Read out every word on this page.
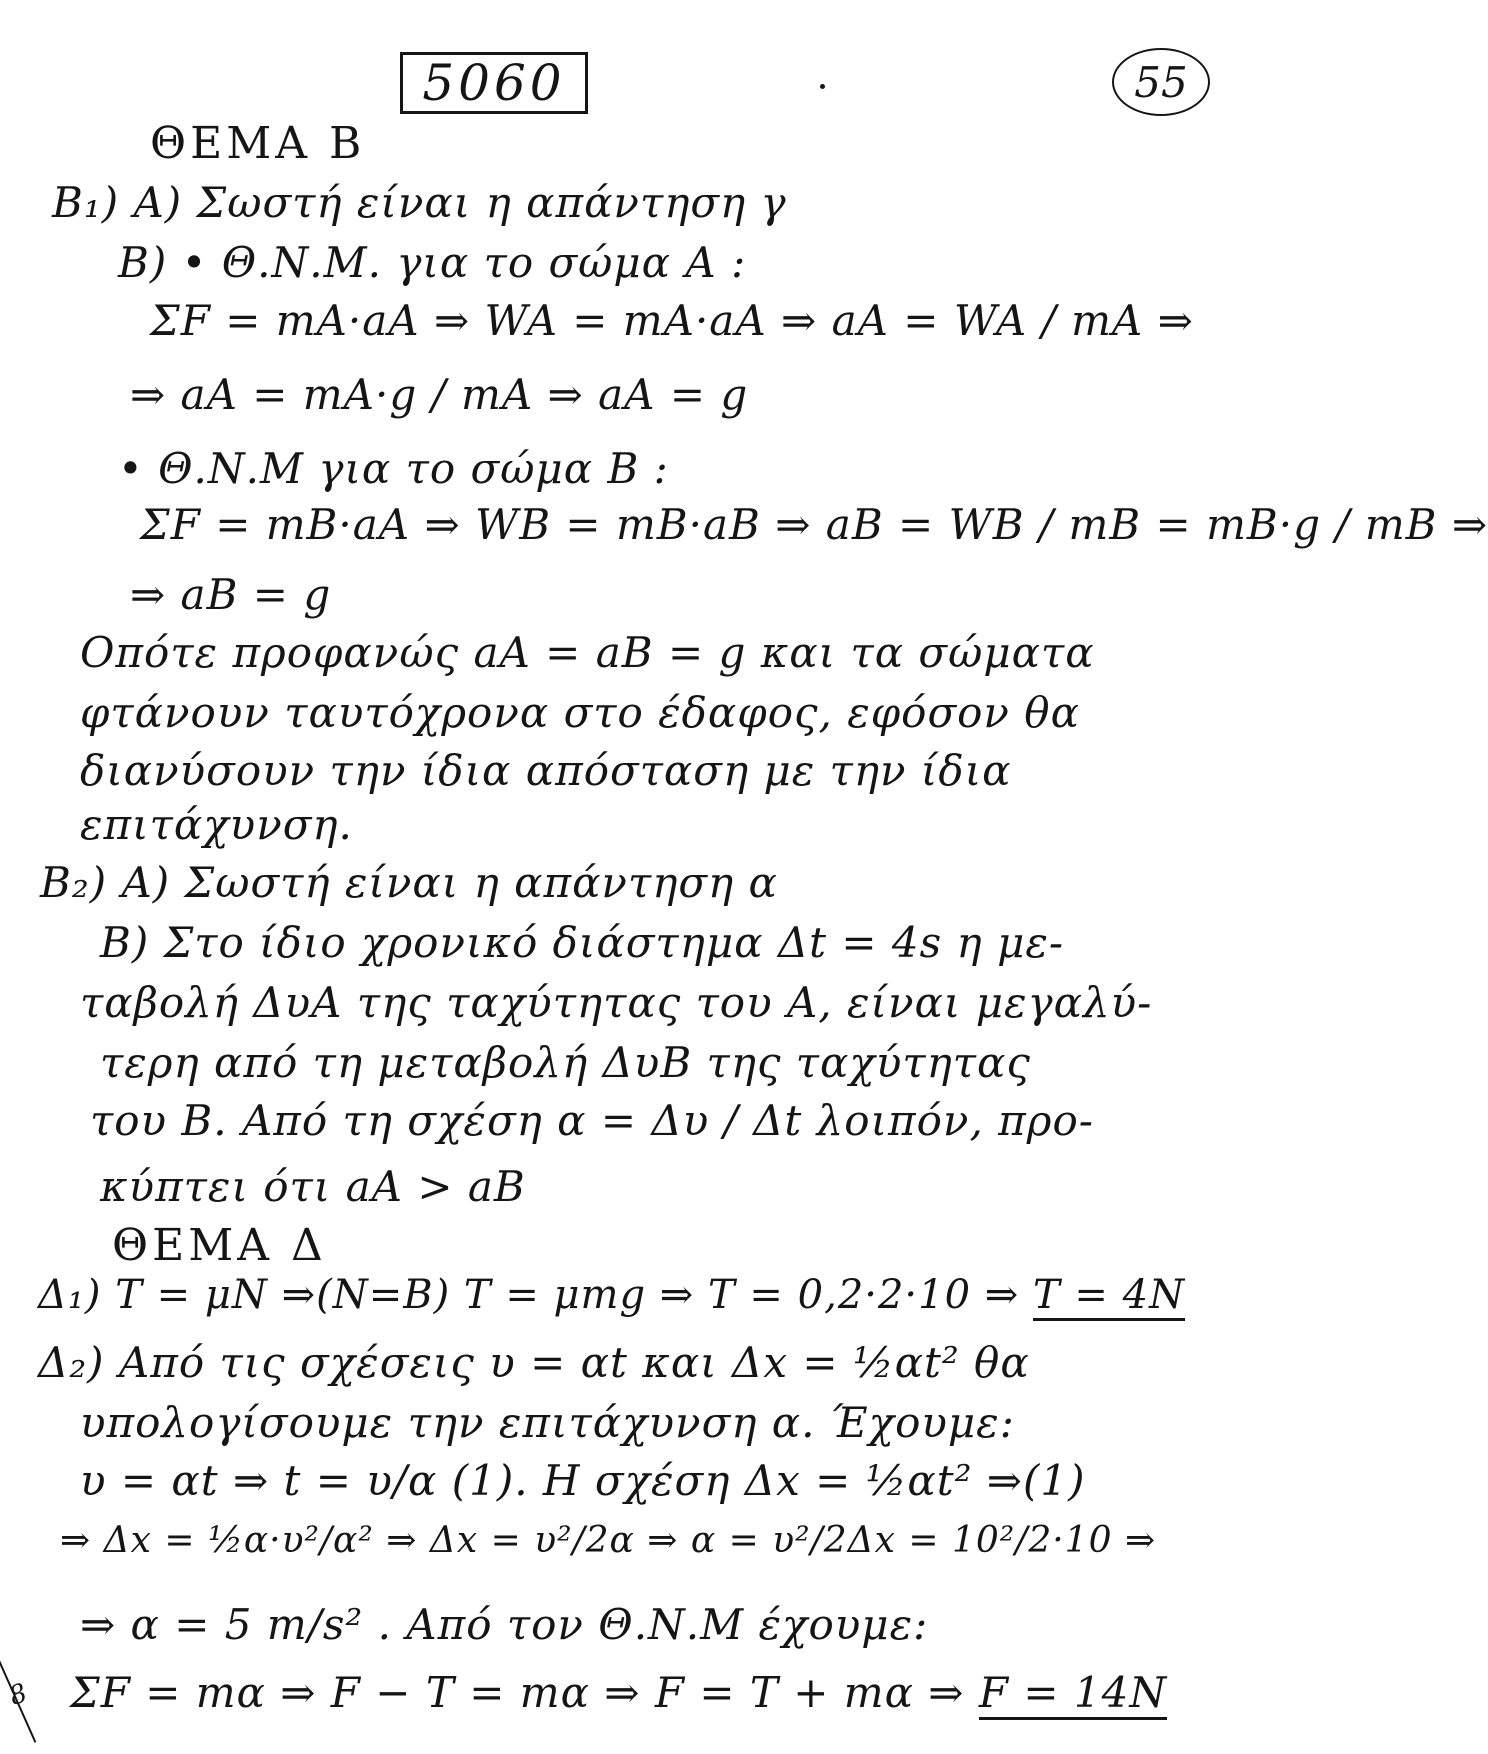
5060	55
ΘΕΜΑ Β
Β₁) Α) Σωστή είναι η απάντηση γ
Β) • Θ.Ν.Μ. για το σώμα Α :
ΣF = mA·aA ⇒ WA = mA·aA ⇒ aA = WA / mA ⇒
⇒ aA = mA·g / mA ⇒ aA = g
• Θ.Ν.Μ για το σώμα Β :
ΣF = mB·aA ⇒ WB = mB·aB ⇒ aB = WB / mB = mB·g / mB ⇒
⇒ aB = g
Οπότε προφανώς aA = aB = g και τα σώματα
φτάνουν ταυτόχρονα στο έδαφος, εφόσον θα
διανύσουν την ίδια απόσταση με την ίδια
επιτάχυνση.
Β₂) Α) Σωστή είναι η απάντηση α
Β) Στο ίδιο χρονικό διάστημα Δt = 4s η με-
ταβολή ΔυA της ταχύτητας του Α, είναι μεγαλύ-
τερη από τη μεταβολή ΔυB της ταχύτητας
του Β. Από τη σχέση α = Δυ / Δt λοιπόν, προ-
κύπτει ότι aA > aB
ΘΕΜΑ Δ
Δ₁) T = μN ⇒(N=B) T = μmg ⇒ T = 0,2·2·10 ⇒ T = 4N
Δ₂) Από τις σχέσεις υ = αt και Δx = ½αt² θα
υπολογίσουμε την επιτάχυνση α. Έχουμε:
υ = αt ⇒ t = υ/α (1). Η σχέση Δx = ½αt² ⇒(1)
⇒ Δx = ½α·υ²/α² ⇒ Δx = υ²/2α ⇒ α = υ²/2Δx = 10²/2·10 ⇒
⇒ α = 5 m/s² . Από τον Θ.Ν.Μ έχουμε:
ΣF = mα ⇒ F − T = mα ⇒ F = T + mα ⇒ F = 14N
8
